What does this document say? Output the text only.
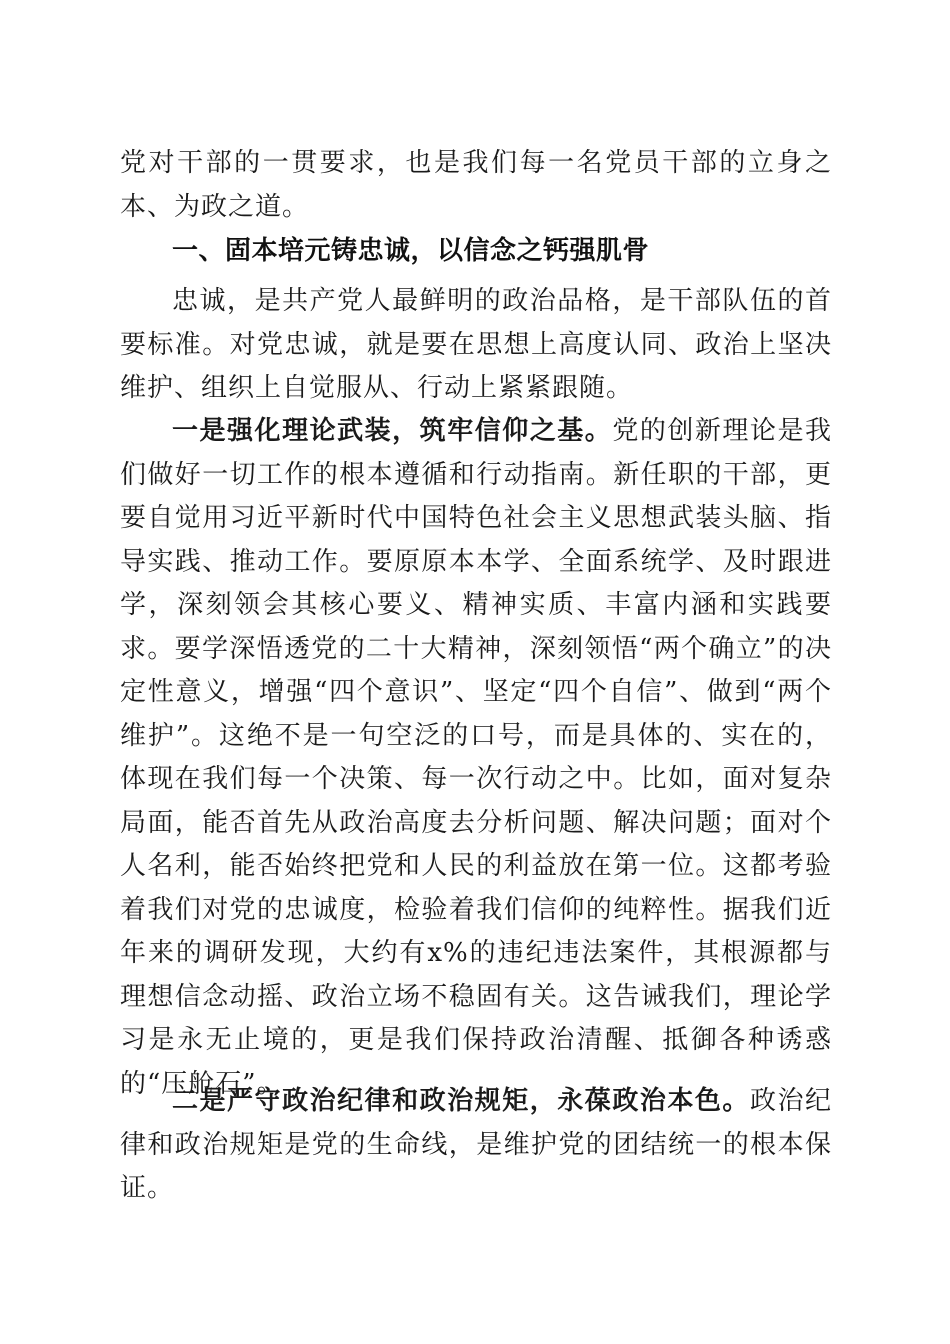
党对干部的一贯要求，也是我们每一名党员干部的立身之本、为政之道。
一、固本培元铸忠诚，以信念之钙强肌骨
忠诚，是共产党人最鲜明的政治品格，是干部队伍的首要标准。对党忠诚，就是要在思想上高度认同、政治上坚决维护、组织上自觉服从、行动上紧紧跟随。
一是强化理论武装，筑牢信仰之基。党的创新理论是我们做好一切工作的根本遵循和行动指南。新任职的干部，更要自觉用习近平新时代中国特色社会主义思想武装头脑、指导实践、推动工作。要原原本本学、全面系统学、及时跟进学，深刻领会其核心要义、精神实质、丰富内涵和实践要求。要学深悟透党的二十大精神，深刻领悟“两个确立”的决定性意义，增强“四个意识”、坚定“四个自信”、做到“两个维护”。这绝不是一句空泛的口号，而是具体的、实在的，体现在我们每一个决策、每一次行动之中。比如，面对复杂局面，能否首先从政治高度去分析问题、解决问题；面对个人名利，能否始终把党和人民的利益放在第一位。这都考验着我们对党的忠诚度，检验着我们信仰的纯粹性。据我们近年来的调研发现，大约有x%的违纪违法案件，其根源都与理想信念动摇、政治立场不稳固有关。这告诫我们，理论学习是永无止境的，更是我们保持政治清醒、抵御各种诱惑的“压舱石”。
二是严守政治纪律和政治规矩，永葆政治本色。政治纪律和政治规矩是党的生命线，是维护党的团结统一的根本保证。
